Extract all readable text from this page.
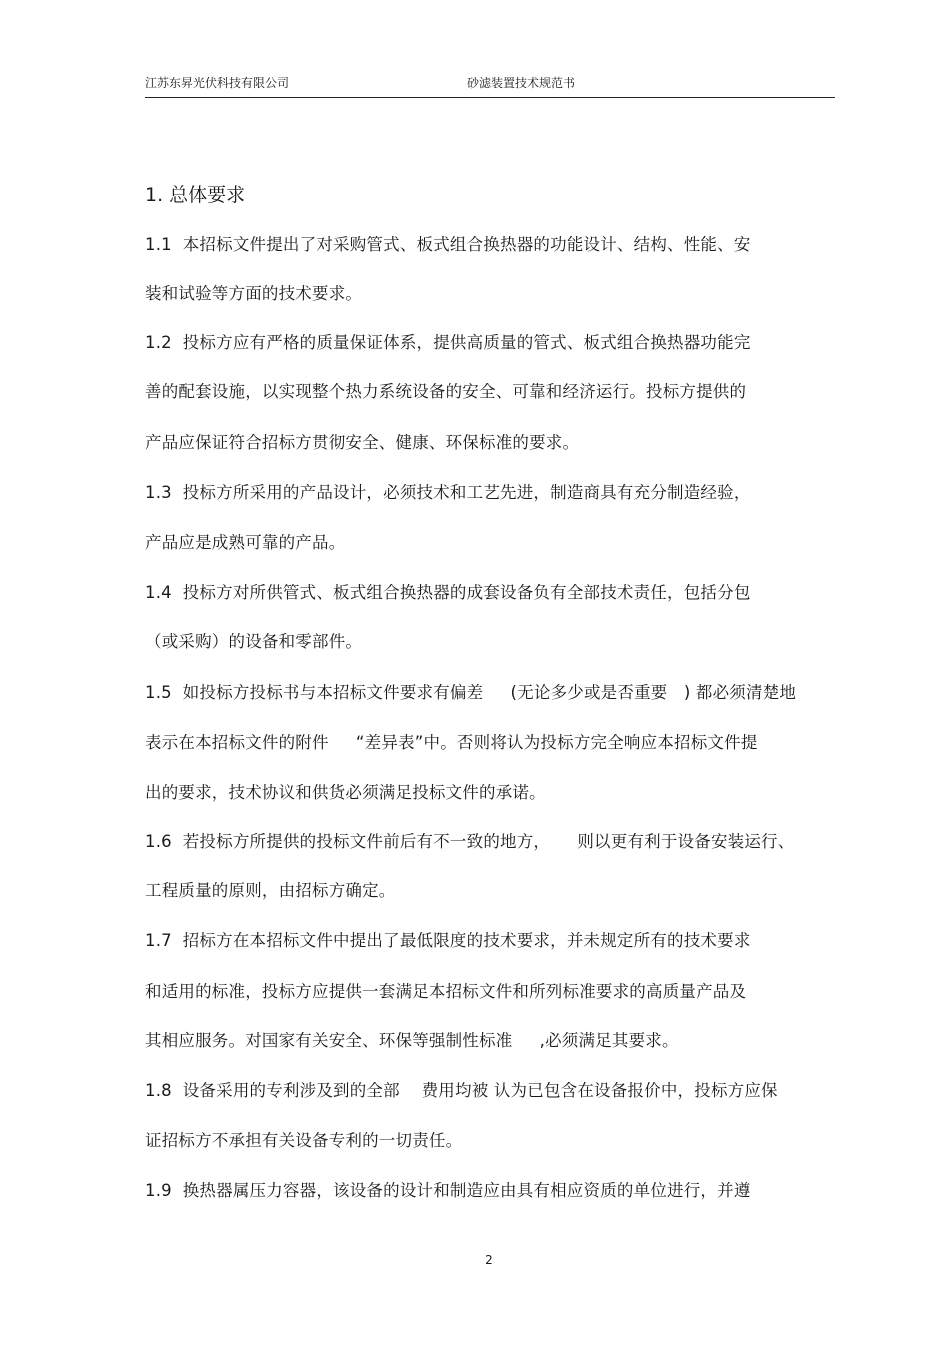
江苏东昇光伏科技有限公司	砂滤装置技术规范书
1. 总体要求
1.1  本招标文件提出了对采购管式、板式组合换热器的功能设计、结构、性能、安
装和试验等方面的技术要求。
1.2  投标方应有严格的质量保证体系，提供高质量的管式、板式组合换热器功能完
善的配套设施，以实现整个热力系统设备的安全、可靠和经济运行。投标方提供的
产品应保证符合招标方贯彻安全、健康、环保标准的要求。
1.3  投标方所采用的产品设计，必须技术和工艺先进，制造商具有充分制造经验，
产品应是成熟可靠的产品。
1.4  投标方对所供管式、板式组合换热器的成套设备负有全部技术责任，包括分包
（或采购）的设备和零部件。
1.5  如投标方投标书与本招标文件要求有偏差     (无论多少或是否重要   ) 都必须清楚地
表示在本招标文件的附件     “差异表”中。否则将认为投标方完全响应本招标文件提
出的要求，技术协议和供货必须满足投标文件的承诺。
1.6  若投标方所提供的投标文件前后有不一致的地方，     则以更有利于设备安装运行、
工程质量的原则，由招标方确定。
1.7  招标方在本招标文件中提出了最低限度的技术要求，并未规定所有的技术要求
和适用的标准，投标方应提供一套满足本招标文件和所列标准要求的高质量产品及
其相应服务。对国家有关安全、环保等强制性标准     ,必须满足其要求。
1.8  设备采用的专利涉及到的全部    费用均被 认为已包含在设备报价中，投标方应保
证招标方不承担有关设备专利的一切责任。
1.9  换热器属压力容器，该设备的设计和制造应由具有相应资质的单位进行，并遵
2
